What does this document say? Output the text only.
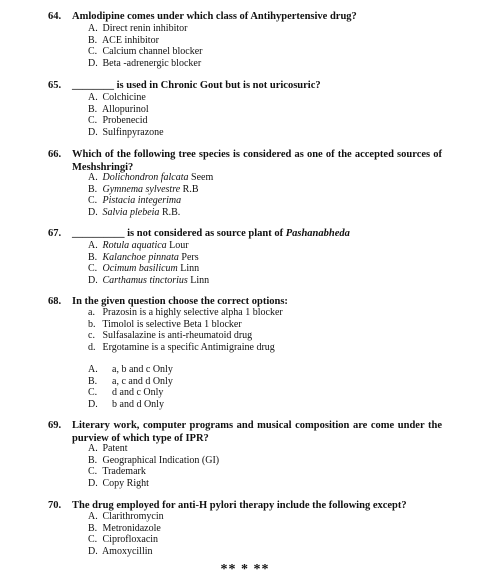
64. Amlodipine comes under which class of Antihypertensive drug?
A. Direct renin inhibitor
B. ACE inhibitor
C. Calcium channel blocker
D. Beta -adrenergic blocker
65. ________ is used in Chronic Gout but is not uricosuric?
A. Colchicine
B. Allopurinol
C. Probenecid
D. Sulfinpyrazone
66. Which of the following tree species is considered as one of the accepted sources of Meshshringi?
A. Dolichondron falcata Seem
B. Gymnema sylvestre R.B
C. Pistacia integerima
D. Salvia plebeia R.B.
67. __________ is not considered as source plant of Pashanabheda
A. Rotula aquatica Lour
B. Kalanchoe pinnata Pers
C. Ocimum basilicum Linn
D. Carthamus tinctorius Linn
68. In the given question choose the correct options:
a. Prazosin is a highly selective alpha 1 blocker
b. Timolol is selective Beta 1 blocker
c. Sulfasalazine is anti-rheumatoid drug
d. Ergotamine is a specific Antimigraine drug
A. a, b and c Only
B. a, c and d Only
C. d and c Only
D. b and d Only
69. Literary work, computer programs and musical composition are come under the purview of which type of IPR?
A. Patent
B. Geographical Indication (GI)
C. Trademark
D. Copy Right
70. The drug employed for anti-H pylori therapy include the following except?
A. Clarithromycin
B. Metronidazole
C. Ciprofloxacin
D. Amoxycillin
** * **
